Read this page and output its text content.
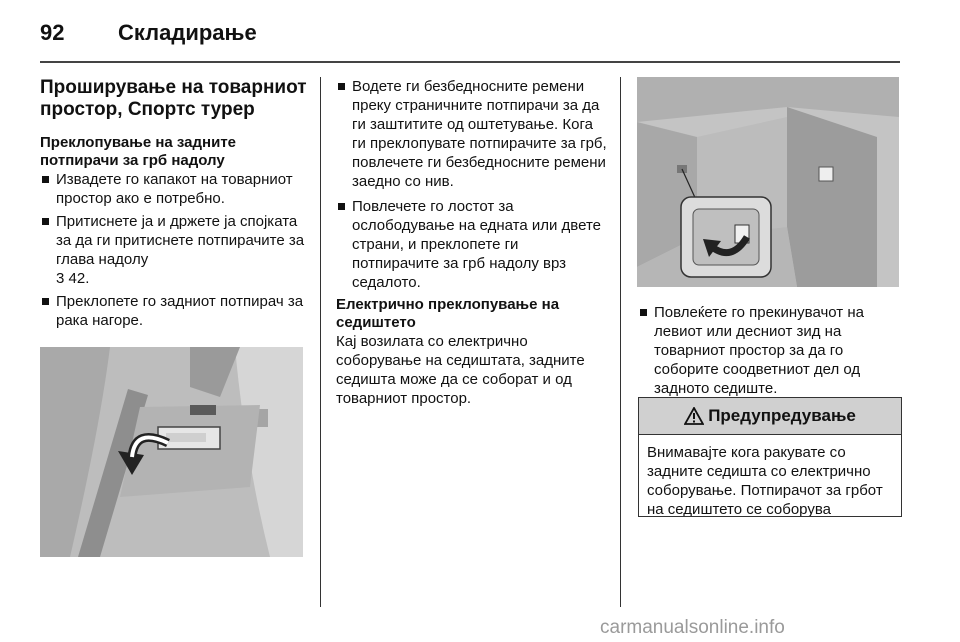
92 Складирање
Проширување на товарниот простор, Спортс турер
Преклопување на задните потпирачи за грб надолу
Извадете го капакот на товарниот простор ако е потребно.
Притиснете ја и држете ја спојката за да ги притиснете потпирачите за глава надолу
3 42.
Преклопете го задниот потпирач за рака нагоре.
Водете ги безбедносните ремени преку страничните потпирачи за да ги заштитите од оштетување. Кога ги преклопувате потпирачите за грб, повлечете ги безбедносните ремени заедно со нив.
Повлечете го лостот за ослободување на едната или двете страни, и преклопете ги потпирачите за грб надолу врз седалото.
Електрично преклопување на седиштето
Кај возилата со електрично соборување на седиштата, задните седишта може да се соборат и од товарниот простор.
Повлеќете го прекинувачот на левиот или десниот зид на товарниот простор за да го соборите соодветниот дел од задното седиште.
Предупредување
Внимавајте кога ракувате со задните седишта со електрично соборување. Потпирачот за грбот на седиштето се соборува
carmanualsonline.info
